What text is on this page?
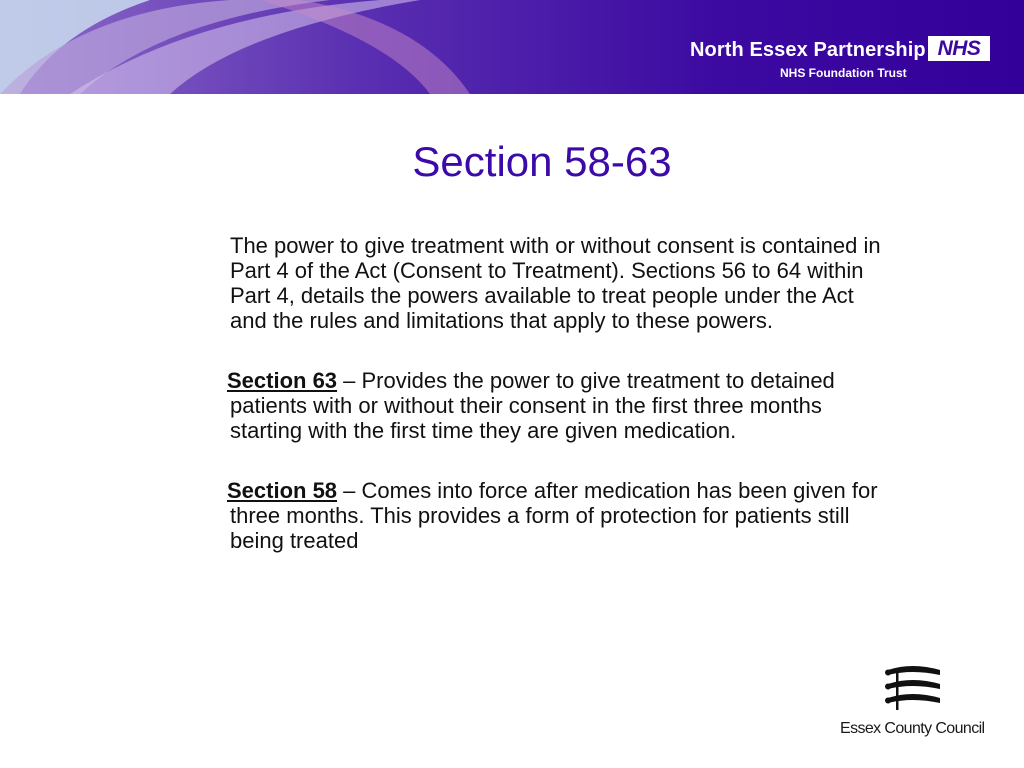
North Essex Partnership
NHS Foundation Trust
NHS
Section 58-63

The power to give treatment with or without consent is contained in Part 4 of the Act (Consent to Treatment). Sections 56 to 64 within Part 4, details the powers available to treat people under the Act and the rules and limitations that apply to these powers.

Section 63 – Provides the power to give treatment to detained patients with or without their consent in the first three months starting with the first time they are given medication.

Section 58 – Comes into force after medication has been given for three months. This provides a form of protection for patients still being treated

Essex County Council
